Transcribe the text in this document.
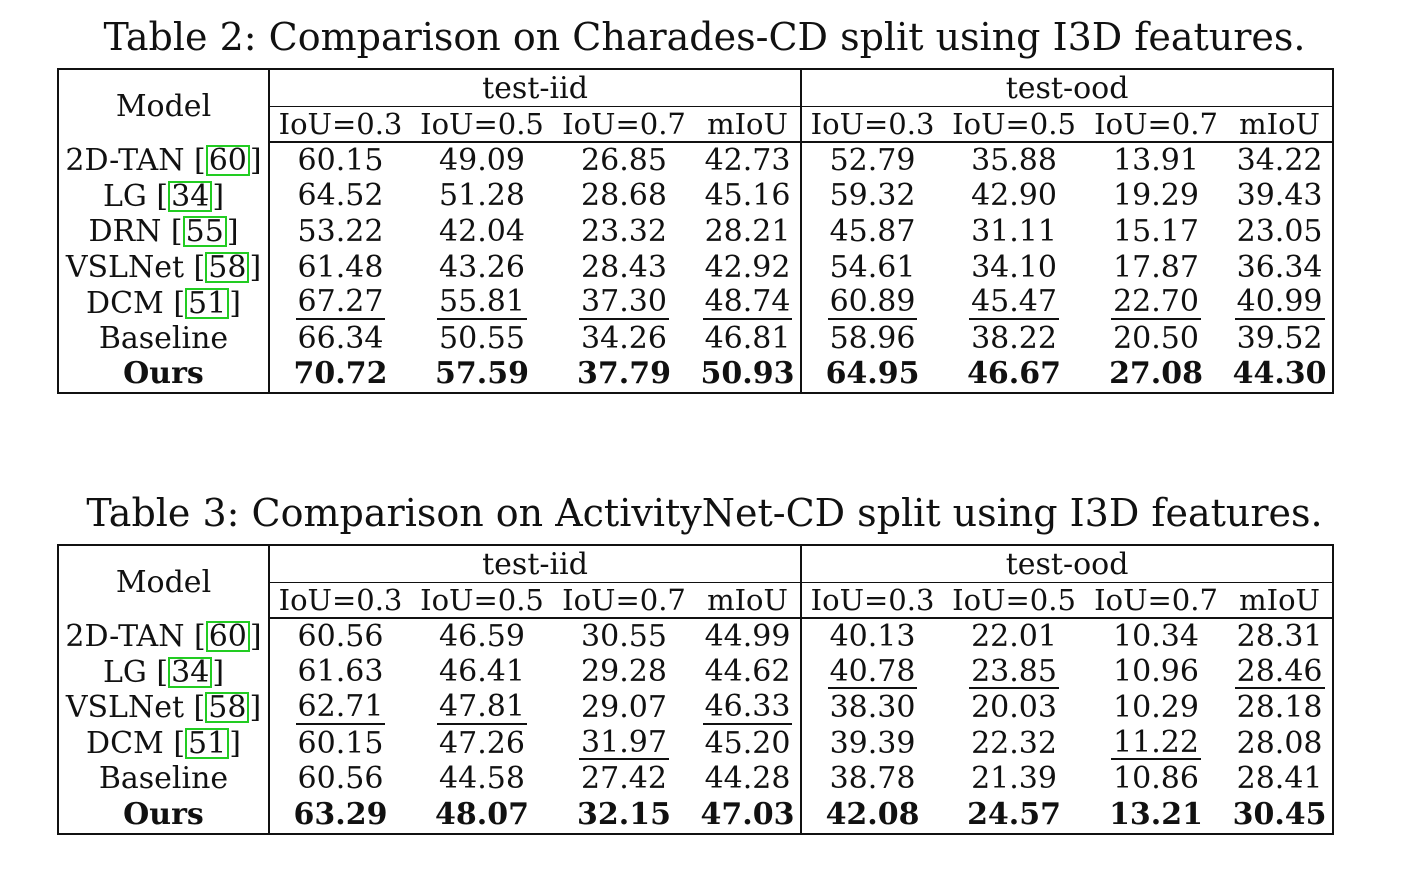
Table 2: Comparison on Charades-CD split using I3D features.
Model	test-iid				test-ood			
	IoU=0.3	IoU=0.5	IoU=0.7	mIoU	IoU=0.3	IoU=0.5	IoU=0.7	mIoU
2D-TAN [ 60 ]	60.15	49.09	26.85	42.73	52.79	35.88	13.91	34.22
LG [ 34 ]	64.52	51.28	28.68	45.16	59.32	42.90	19.29	39.43
DRN [ 55 ]	53.22	42.04	23.32	28.21	45.87	31.11	15.17	23.05
VSLNet [ 58 ]	61.48	43.26	28.43	42.92	54.61	34.10	17.87	36.34
DCM [ 51 ]	67.27	55.81	37.30	48.74	60.89	45.47	22.70	40.99
Baseline	66.34	50.55	34.26	46.81	58.96	38.22	20.50	39.52
Ours	70.72	57.59	37.79	50.93	64.95	46.67	27.08	44.30
Table 3: Comparison on ActivityNet-CD split using I3D features.
Model	test-iid				test-ood			
	IoU=0.3	IoU=0.5	IoU=0.7	mIoU	IoU=0.3	IoU=0.5	IoU=0.7	mIoU
2D-TAN [ 60 ]	60.56	46.59	30.55	44.99	40.13	22.01	10.34	28.31
LG [ 34 ]	61.63	46.41	29.28	44.62	40.78	23.85	10.96	28.46
VSLNet [ 58 ]	62.71	47.81	29.07	46.33	38.30	20.03	10.29	28.18
DCM [ 51 ]	60.15	47.26	31.97	45.20	39.39	22.32	11.22	28.08
Baseline	60.56	44.58	27.42	44.28	38.78	21.39	10.86	28.41
Ours	63.29	48.07	32.15	47.03	42.08	24.57	13.21	30.45
